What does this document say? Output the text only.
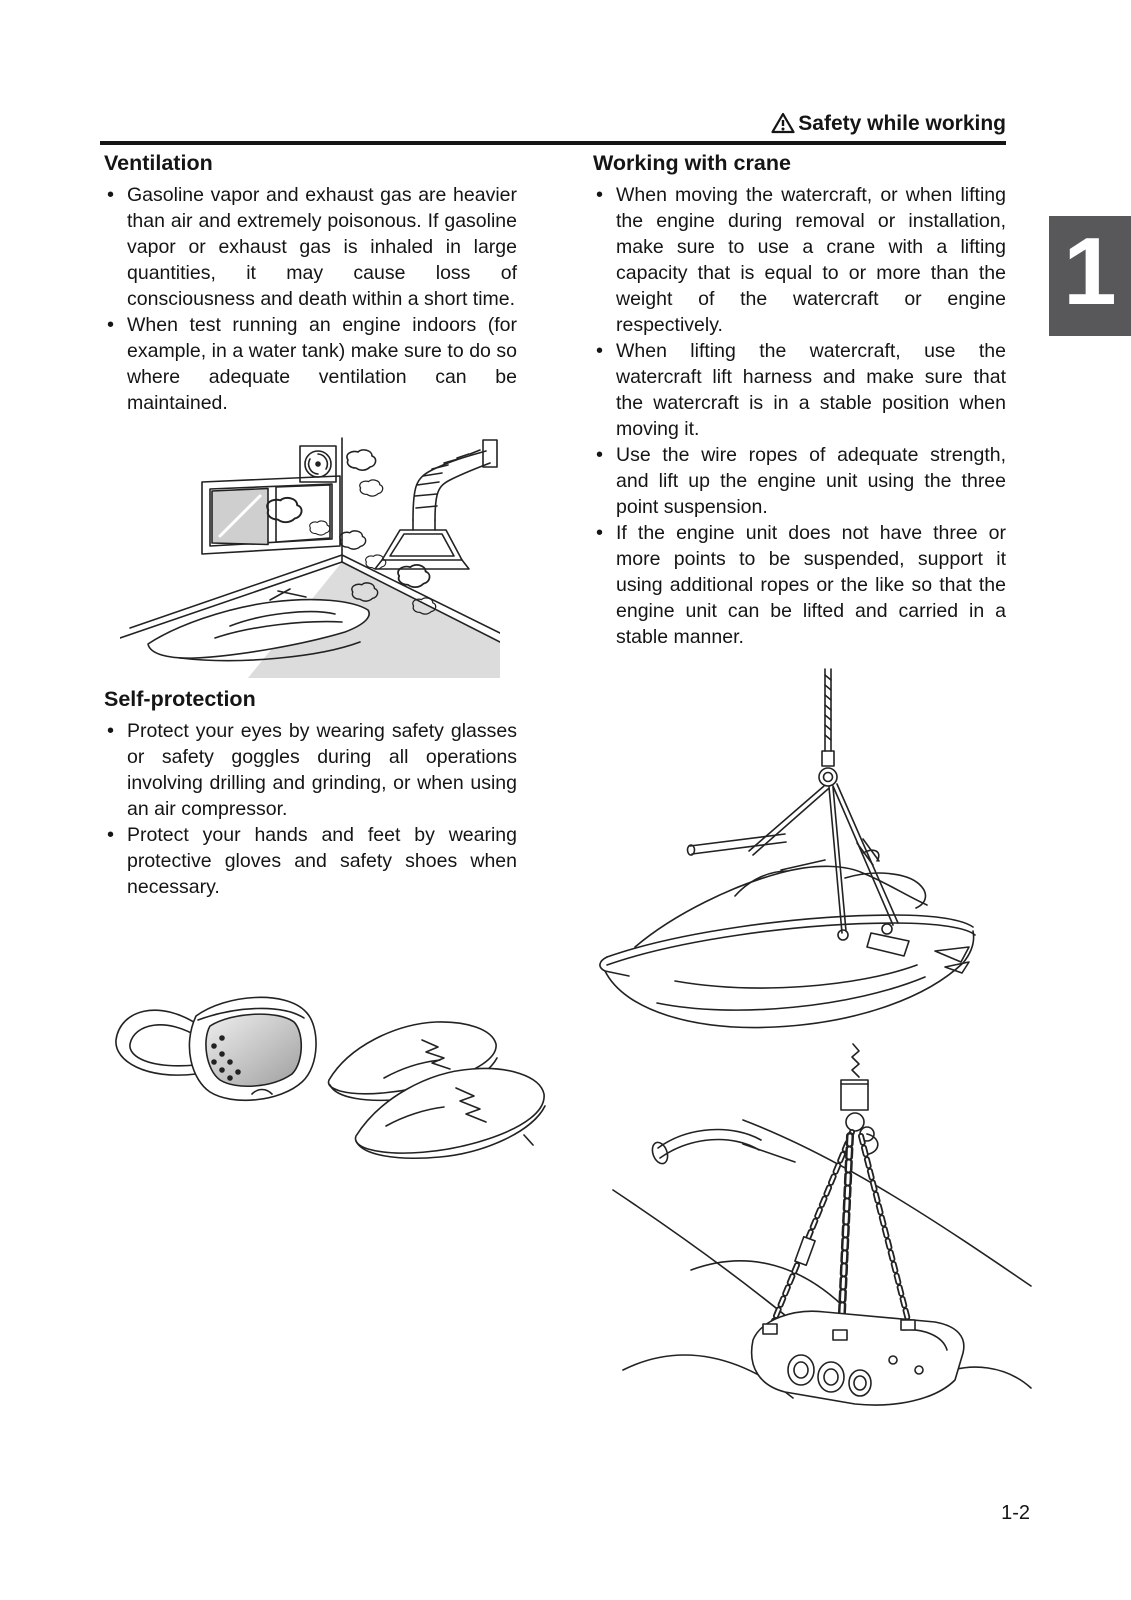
Safety while working
1
Ventilation
• Gasoline vapor and exhaust gas are heavier than air and extremely poisonous. If gasoline vapor or exhaust gas is inhaled in large quantities, it may cause loss of consciousness and death within a short time.
• When test running an engine indoors (for example, in a water tank) make sure to do so where adequate ventilation can be maintained.
Self-protection
• Protect your eyes by wearing safety glasses or safety goggles during all operations involving drilling and grinding, or when using an air compressor.
• Protect your hands and feet by wearing protective gloves and safety shoes when necessary.
Working with crane
• When moving the watercraft, or when lifting the engine during removal or installation, make sure to use a crane with a lifting capacity that is equal to or more than the weight of the watercraft or engine respectively.
• When lifting the watercraft, use the watercraft lift harness and make sure that the watercraft is in a stable position when moving it.
• Use the wire ropes of adequate strength, and lift up the engine unit using the three point suspension.
• If the engine unit does not have three or more points to be suspended, support it using additional ropes or the like so that the engine unit can be lifted and carried in a stable manner.
1-2
